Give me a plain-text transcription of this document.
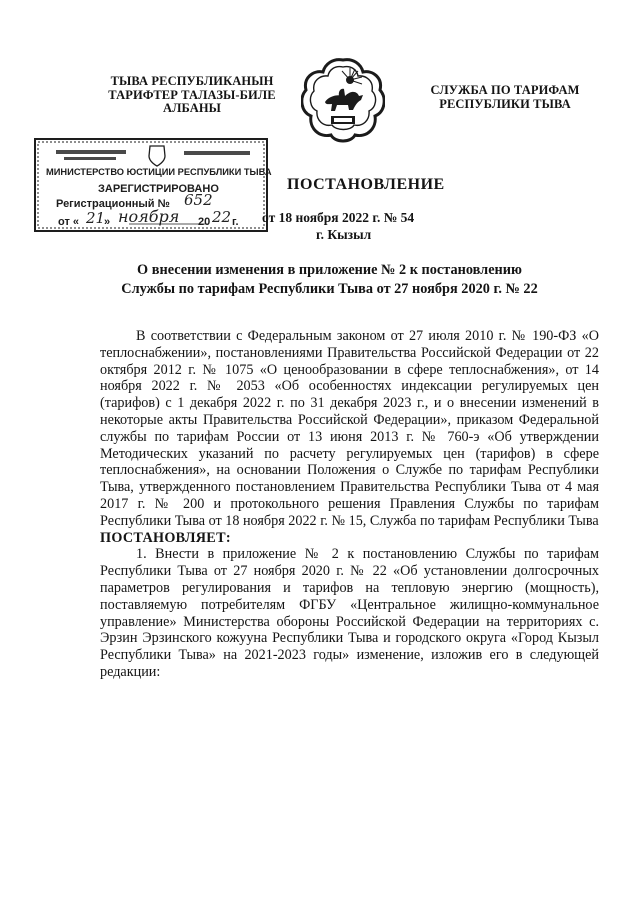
ТЫВА РЕСПУБЛИКАНЫН ТАРИФТЕР ТАЛАЗЫ-БИЛЕ АЛБАНЫ
СЛУЖБА ПО ТАРИФАМ РЕСПУБЛИКИ ТЫВА
МИНИСТЕРСТВО ЮСТИЦИИ РЕСПУБЛИКИ ТЫВА
ЗАРЕГИСТРИРОВАНО
Регистрационный № 652
от « 21
» ноября 20 22 г.
ПОСТАНОВЛЕНИЕ
от 18 ноября 2022 г. № 54
г. Кызыл
О внесении изменения в приложение № 2 к постановлению
Службы по тарифам Республики Тыва от 27 ноября 2020 г. № 22

В соответствии с Федеральным законом от 27 июля 2010 г. № 190-ФЗ «О теплоснабжении», постановлениями Правительства Российской Федерации от 22 октября 2012 г. № 1075 «О ценообразовании в сфере теплоснабжения», от 14 ноября 2022 г. № 2053 «Об особенностях индексации регулируемых цен (тарифов) с 1 декабря 2022 г. по 31 декабря 2023 г., и о внесении изменений в некоторые акты Правительства Российской Федерации», приказом Федеральной службы по тарифам России от 13 июня 2013 г. № 760-э «Об утверждении Методических указаний по расчету регулируемых цен (тарифов) в сфере теплоснабжения», на основании Положения о Службе по тарифам Республики Тыва, утвержденного постановлением Правительства Республики Тыва от 4 мая 2017 г. № 200 и протокольного решения Правления Службы по тарифам Республики Тыва от 18 ноября 2022 г. № 15, Служба по тарифам Республики Тыва

ПОСТАНОВЛЯЕТ:

1. Внести в приложение № 2 к постановлению Службы по тарифам Республики Тыва от 27 ноября 2020 г. № 22 «Об установлении долгосрочных параметров регулирования и тарифов на тепловую энергию (мощность), поставляемую потребителям ФГБУ «Центральное жилищно-коммунальное управление» Министерства обороны Российской Федерации на территориях с. Эрзин Эрзинского кожууна Республики Тыва и городского округа «Город Кызыл Республики Тыва» на 2021-2023 годы» изменение, изложив его в следующей редакции:
